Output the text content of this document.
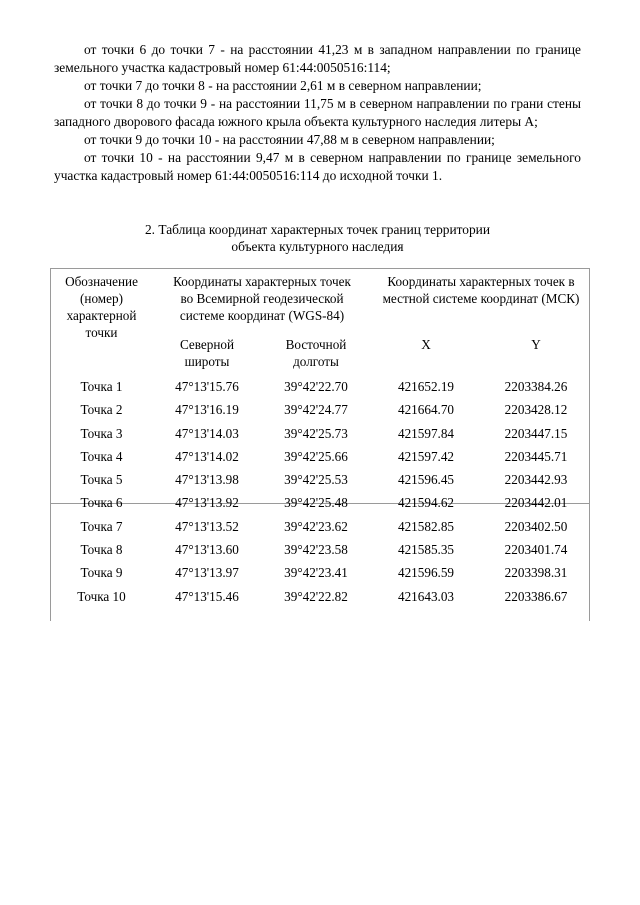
от точки 6 до точки 7 - на расстоянии 41,23 м в западном направлении по границе земельного участка кадастровый номер 61:44:0050516:114;

от точки 7 до точки 8 - на расстоянии 2,61 м в северном направлении;

от точки 8 до точки 9 - на расстоянии 11,75 м в северном направлении по грани стены западного дворового фасада южного крыла объекта культурного наследия литеры А;

от точки 9 до точки 10 - на расстоянии 47,88 м в северном направлении;

от точки 10 - на расстоянии 9,47 м в северном направлении по границе земельного участка кадастровый номер 61:44:0050516:114 до исходной точки 1.

2. Таблица координат характерных точек границ территории
объекта культурного наследия
Обозначение (номер) характерной точки	Координаты характерных точек во Всемирной геодезической системе координат (WGS-84)		Координаты характерных точек в местной системе координат (МСК)	
	Северной широты	Восточной долготы	X	Y
Точка 1	47°13'15.76	39°42'22.70	421652.19	2203384.26
Точка 2	47°13'16.19	39°42'24.77	421664.70	2203428.12
Точка 3	47°13'14.03	39°42'25.73	421597.84	2203447.15
Точка 4	47°13'14.02	39°42'25.66	421597.42	2203445.71
Точка 5	47°13'13.98	39°42'25.53	421596.45	2203442.93
Точка 6	47°13'13.92	39°42'25.48	421594.62	2203442.01
Точка 7	47°13'13.52	39°42'23.62	421582.85	2203402.50
Точка 8	47°13'13.60	39°42'23.58	421585.35	2203401.74
Точка 9	47°13'13.97	39°42'23.41	421596.59	2203398.31
Точка 10	47°13'15.46	39°42'22.82	421643.03	2203386.67
